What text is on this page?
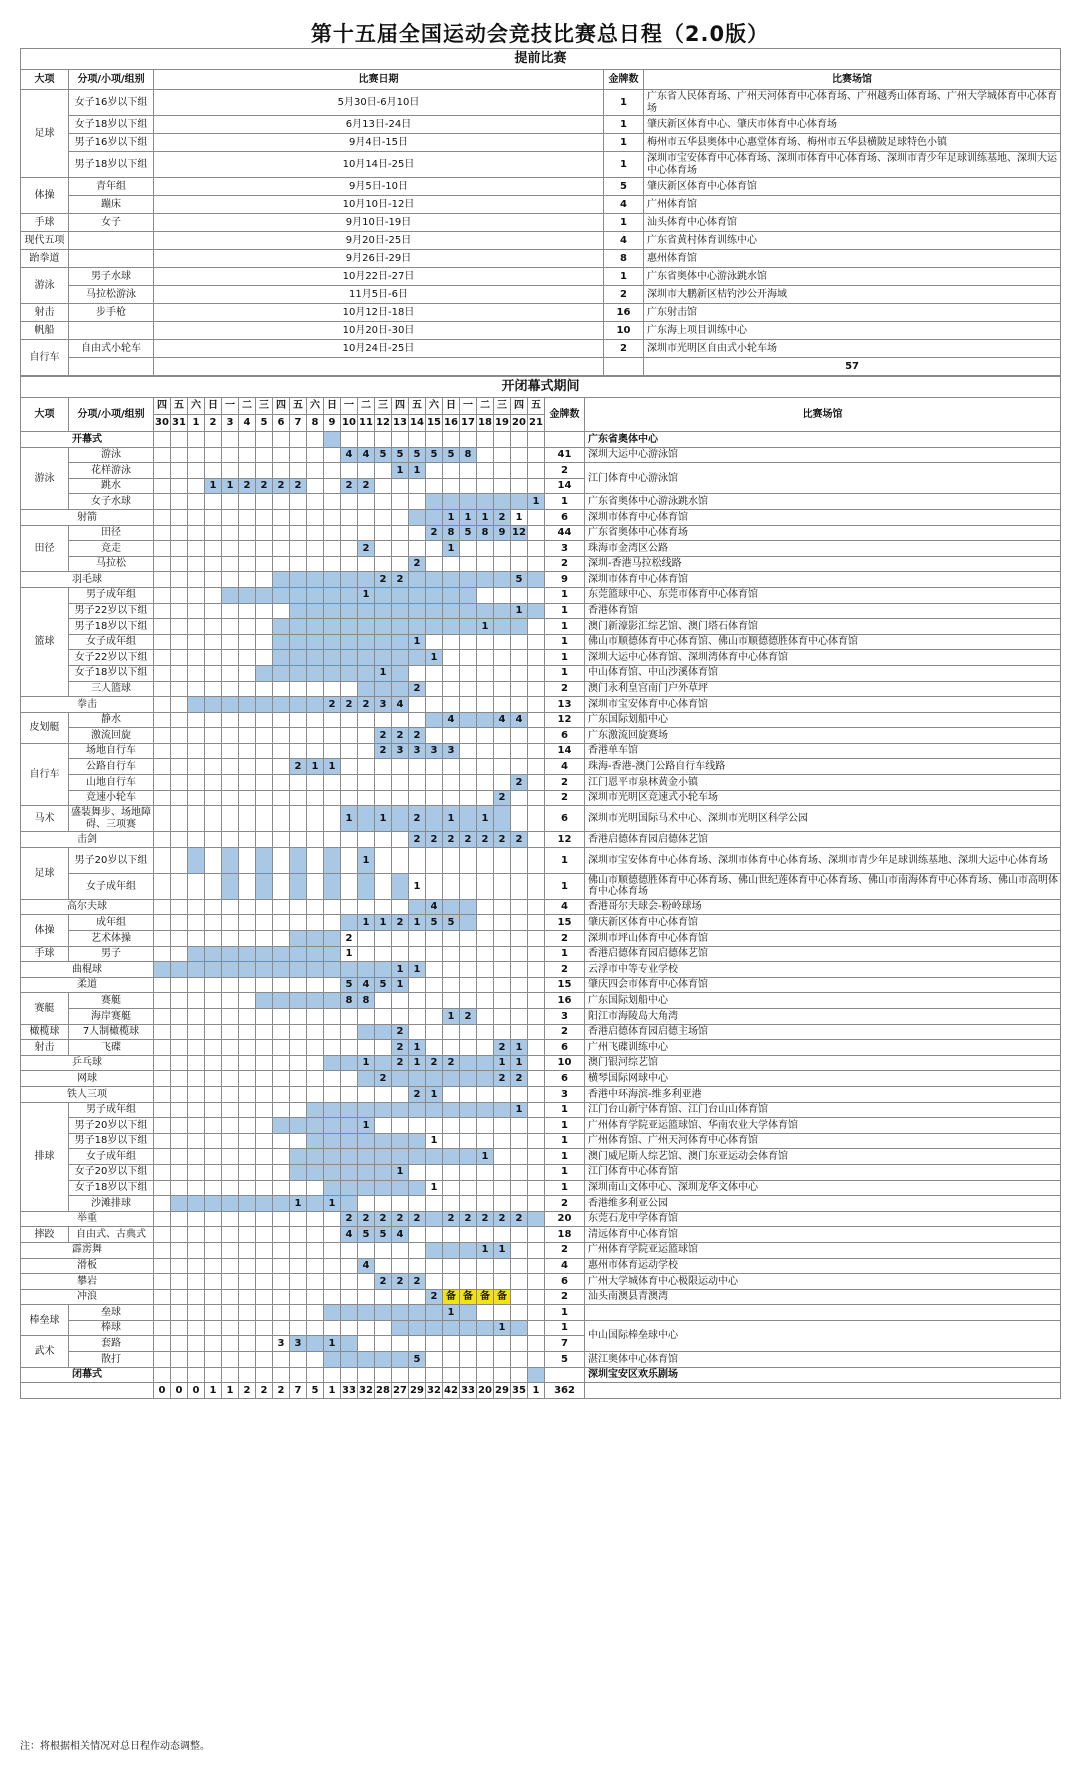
第十五届全国运动会竞技比赛总日程（2.0版）
提前比赛					
大项	分项/小项/组别	比赛日期	金牌数	比赛场馆	
足球	女子16岁以下组	5月30日-6月10日	1	广东省人民体育场、广州天河体育中心体育场、广州越秀山体育场、广州大学城体育中心体育场	
	女子18岁以下组	6月13日-24日	1	肇庆新区体育中心、肇庆市体育中心体育场	
	男子16岁以下组	9月4日-15日	1	梅州市五华县奥体中心惠堂体育场、梅州市五华县横陂足球特色小镇	
	男子18岁以下组	10月14日-25日	1	深圳市宝安体育中心体育场、深圳市体育中心体育场、深圳市青少年足球训练基地、深圳大运中心体育场	
体操	青年组	9月5日-10日	5	肇庆新区体育中心体育馆	
	蹦床	10月10日-12日	4	广州体育馆	
手球	女子	9月10日-19日	1	汕头体育中心体育馆	
现代五项		9月20日-25日	4	广东省黄村体育训练中心	
跆拳道		9月26日-29日	8	惠州体育馆	
游泳	男子水球	10月22日-27日	1	广东省奥体中心游泳跳水馆	
	马拉松游泳	11月5日-6日	2	深圳市大鹏新区桔钓沙公开海域	
射击	步手枪	10月12日-18日	16	广东射击馆	
帆船		10月20日-30日	10	广东海上项目训练中心	
自行车	自由式小轮车	10月24日-25日	2	深圳市光明区自由式小轮车场	
				57	
开闭幕式期间																										
大项	分项/小项/组别	四	五	六	日	一	二	三	四	五	六	日	一	二	三	四	五	六	日	一	二	三	四	五	金牌数	比赛场馆
		30	31	1	2	3	4	5	6	7	8	9	10	11	12	13	14	15	16	17	18	19	20	21		
开幕式																										广东省奥体中心
游泳	游泳												4	4	5	5	5	5	5	8					41	深圳大运中心游泳馆
	花样游泳															1	1								2	江门体育中心游泳馆
	跳水				1	1	2	2	2	2			2	2											14	
	女子水球																							1	1	广东省奥体中心游泳跳水馆
射箭																			1	1	1	2	1		6	深圳市体育中心体育馆
田径	田径																	2	8	5	8	9	12		44	广东省奥体中心体育场
	竞走													2					1						3	珠海市金湾区公路
	马拉松																2								2	深圳-香港马拉松线路
羽毛球															2	2							5		9	深圳市体育中心体育馆
篮球	男子成年组													1											1	东莞篮球中心、东莞市体育中心体育馆
	男子22岁以下组																						1		1	香港体育馆
	男子18岁以下组																				1				1	澳门新濠影汇综艺馆、澳门塔石体育馆
	女子成年组																1								1	佛山市顺德体育中心体育馆、佛山市顺德德胜体育中心体育馆
	女子22岁以下组																	1							1	深圳大运中心体育馆、深圳湾体育中心体育馆
	女子18岁以下组														1										1	中山体育馆、中山沙溪体育馆
	三人篮球																2								2	澳门永利皇宫南门户外草坪
拳击												2	2	2	3	4									13	深圳市宝安体育中心体育馆
皮划艇	静水																		4			4	4		12	广东国际划船中心
	激流回旋														2	2	2								6	广东激流回旋赛场
自行车	场地自行车														2	3	3	3	3						14	香港单车馆
	公路自行车									2	1	1													4	珠海-香港-澳门公路自行车线路
	山地自行车																						2		2	江门恩平市泉林黄金小镇
	竞速小轮车																					2			2	深圳市光明区竞速式小轮车场
马术	盛装舞步、场地障碍、三项赛												1		1		2		1		1				6	深圳市光明国际马术中心、深圳市光明区科学公园
击剑																	2	2	2	2	2	2	2		12	香港启德体育园启德体艺馆
足球	男子20岁以下组													1											1	深圳市宝安体育中心体育场、深圳市体育中心体育场、深圳市青少年足球训练基地、深圳大运中心体育场
	女子成年组																1								1	佛山市顺德德胜体育中心体育场、佛山世纪莲体育中心体育场、佛山市南海体育中心体育场、佛山市高明体育中心体育场
高尔夫球																		4							4	香港哥尔夫球会-粉岭球场
体操	成年组													1	1	2	1	5	5						15	肇庆新区体育中心体育馆
	艺术体操												2												2	深圳市坪山体育中心体育馆
手球	男子												1												1	香港启德体育园启德体艺馆
曲棍球																1	1								2	云浮市中等专业学校
柔道													5	4	5	1									15	肇庆四会市体育中心体育馆
赛艇	赛艇												8	8											16	广东国际划船中心
	海岸赛艇																		1	2					3	阳江市海陵岛大角湾
橄榄球	7人制橄榄球															2									2	香港启德体育园启德主场馆
射击	飞碟															2	1					2	1		6	广州飞碟训练中心
乒乓球														1		2	1	2	2			1	1		10	澳门银河综艺馆
网球															2							2	2		6	横琴国际网球中心
铁人三项																	2	1							3	香港中环海滨-维多利亚港
排球	男子成年组																						1		1	江门台山新宁体育馆、江门台山山体育馆
	男子20岁以下组													1											1	广州体育学院亚运篮球馆、华南农业大学体育馆
	男子18岁以下组																	1							1	广州体育馆、广州天河体育中心体育馆
	女子成年组																				1				1	澳门威尼斯人综艺馆、澳门东亚运动会体育馆
	女子20岁以下组															1									1	江门体育中心体育馆
	女子18岁以下组																	1							1	深圳南山文体中心、深圳龙华文体中心
	沙滩排球									1		1													2	香港维多利亚公园
举重													2	2	2	2	2		2	2	2	2	2		20	东莞石龙中学体育馆
摔跤	自由式、古典式												4	5	5	4									18	清远体育中心体育馆
霹雳舞																					1	1			2	广州体育学院亚运篮球馆
滑板														4											4	惠州市体育运动学校
攀岩															2	2	2								6	广州大学城体育中心极限运动中心
冲浪																		2	备	备	备	备			2	汕头南澳县青澳湾
棒垒球	垒球																		1						1	
	棒球																					1			1	中山国际棒垒球中心
武术	套路								3	3		1													7	
	散打																5								5	湛江奥体中心体育馆
闭幕式																										深圳宝安区欢乐剧场
		0	0	0	1	1	2	2	2	7	5	1	33	32	28	27	29	32	42	33	20	29	35	1	362	
注：将根据相关情况对总日程作动态调整。
